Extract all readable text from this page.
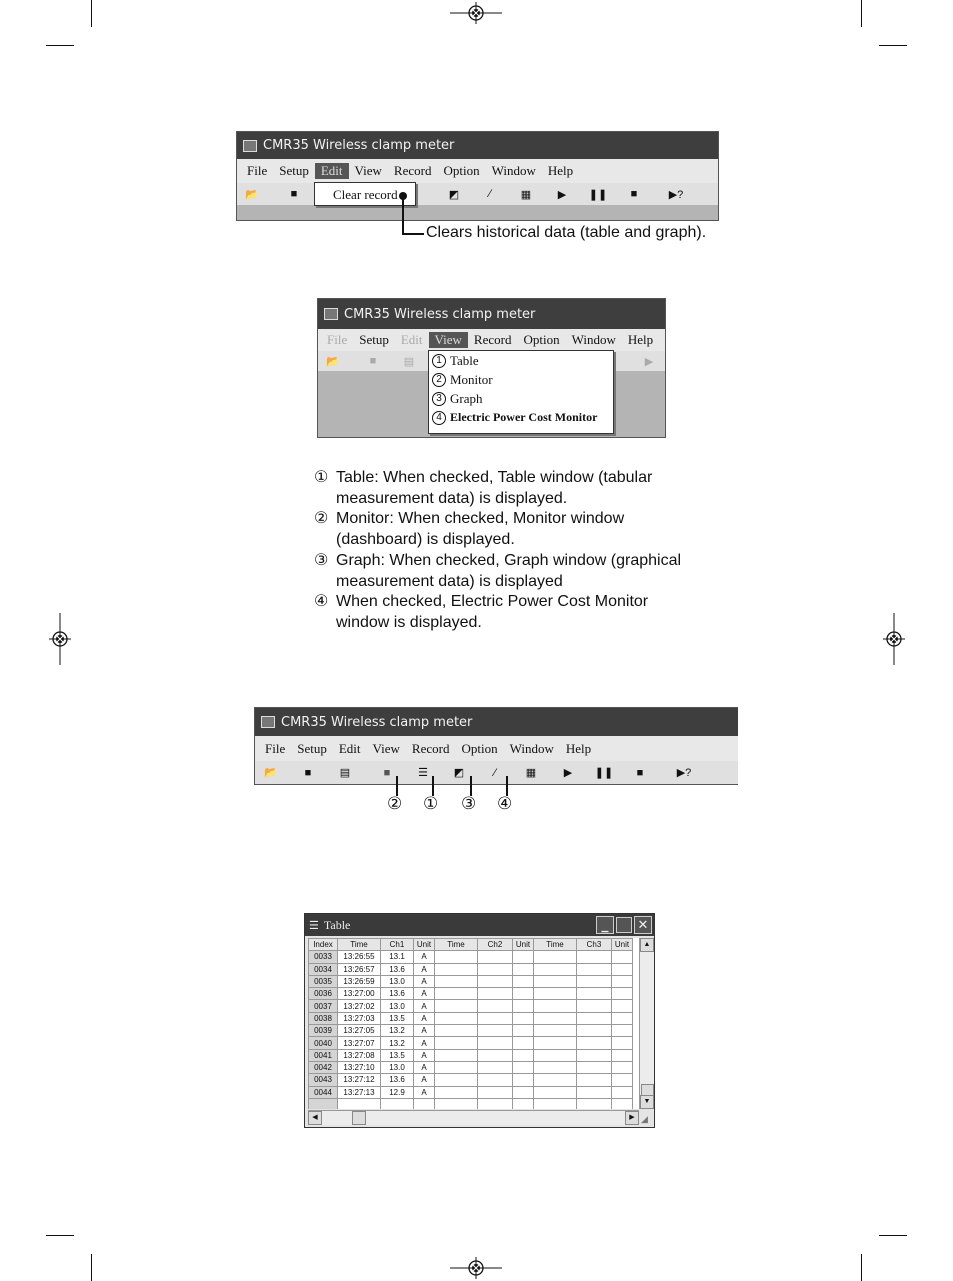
CMR35 Wireless clamp meter
File Setup Edit View Record Option Window Help
📂	■	◩	∕	▦	▶	❚❚	■	▶?
Clear record
Clears historical data (table and graph).
CMR35 Wireless clamp meter
File Setup Edit View Record Option Window Help
📂	■	▤	▶
1 Table
2 Monitor
3 Graph
4 Electric Power Cost Monitor
① Table: When checked, Table window (tabular
measurement data) is displayed.
② Monitor: When checked, Monitor window
(dashboard) is displayed.
③ Graph: When checked, Graph window (graphical
measurement data) is displayed
④ When checked, Electric Power Cost Monitor
window is displayed.
CMR35 Wireless clamp meter
File Setup Edit View Record Option Window Help
📂	■	▤	■	☰	◩	∕	▦	▶	❚❚	■	▶?
② ① ③ ④
☰ Table	▁	✕
Index	Time	Ch1	Unit	Time	Ch2	Unit	Time	Ch3	Unit
0033	13:26:55	13.1	A						
0034	13:26:57	13.6	A						
0035	13:26:59	13.0	A						
0036	13:27:00	13.6	A						
0037	13:27:02	13.0	A						
0038	13:27:03	13.5	A						
0039	13:27:05	13.2	A						
0040	13:27:07	13.2	A						
0041	13:27:08	13.5	A						
0042	13:27:10	13.0	A						
0043	13:27:12	13.6	A						
0044	13:27:13	12.9	A						

▲
▼
◀	▶ ◢
